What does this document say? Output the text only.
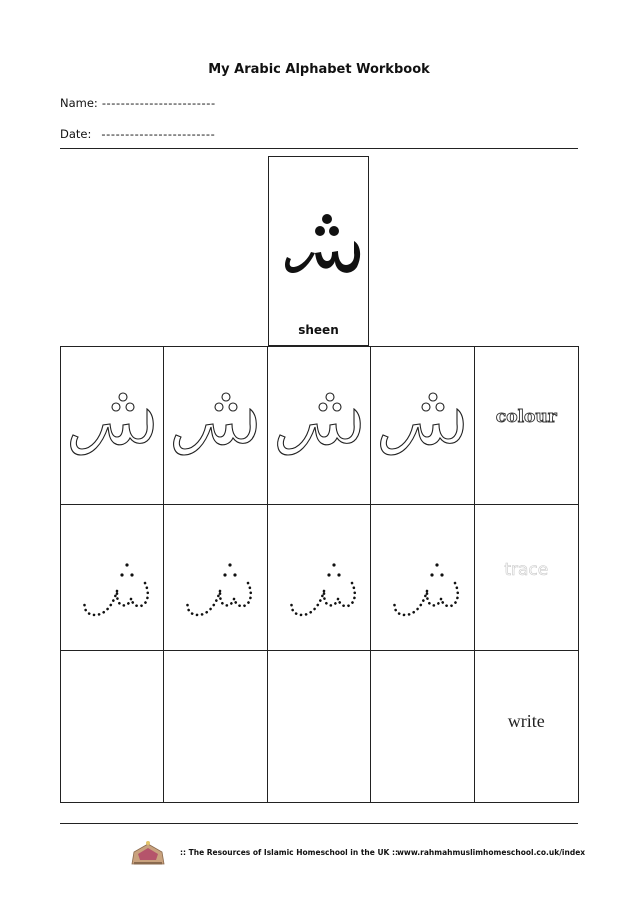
My Arabic Alphabet Workbook
Name: ------------------------
Date: ------------------------
sheen
colour
trace
write
:: The Resources of Islamic Homeschool in the UK :: www.rahmahmuslimhomeschool.co.uk/index
